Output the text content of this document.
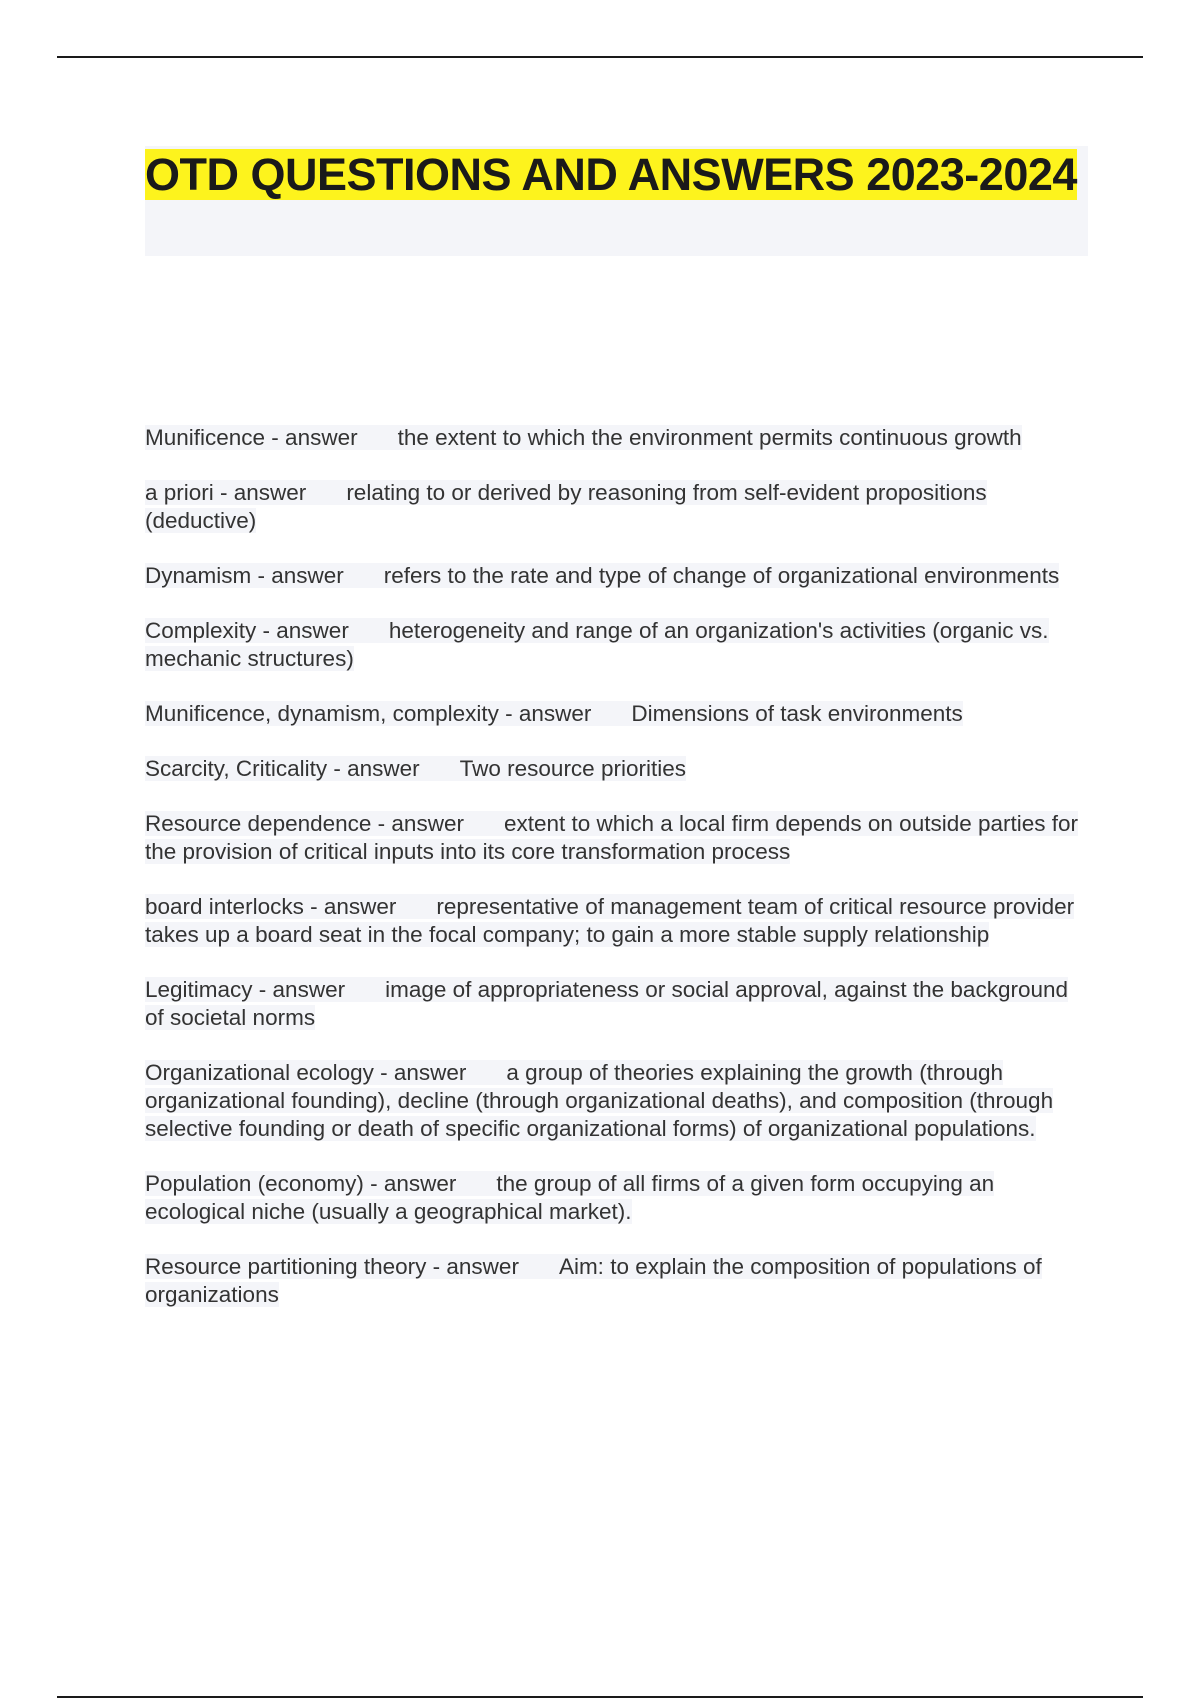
OTD QUESTIONS AND ANSWERS 2023-2024

Munificence - answer the extent to which the environment permits continuous growth

a priori - answer relating to or derived by reasoning from self-evident propositions (deductive)

Dynamism - answer refers to the rate and type of change of organizational environments

Complexity - answer heterogeneity and range of an organization's activities (organic vs. mechanic structures)

Munificence, dynamism, complexity - answer Dimensions of task environments

Scarcity, Criticality - answer Two resource priorities

Resource dependence - answer extent to which a local firm depends on outside parties for the provision of critical inputs into its core transformation process

board interlocks - answer representative of management team of critical resource provider takes up a board seat in the focal company; to gain a more stable supply relationship

Legitimacy - answer image of appropriateness or social approval, against the background of societal norms

Organizational ecology - answer a group of theories explaining the growth (through organizational founding), decline (through organizational deaths), and composition (through selective founding or death of specific organizational forms) of organizational populations.

Population (economy) - answer the group of all firms of a given form occupying an ecological niche (usually a geographical market).

Resource partitioning theory - answer Aim: to explain the composition of populations of organizations
